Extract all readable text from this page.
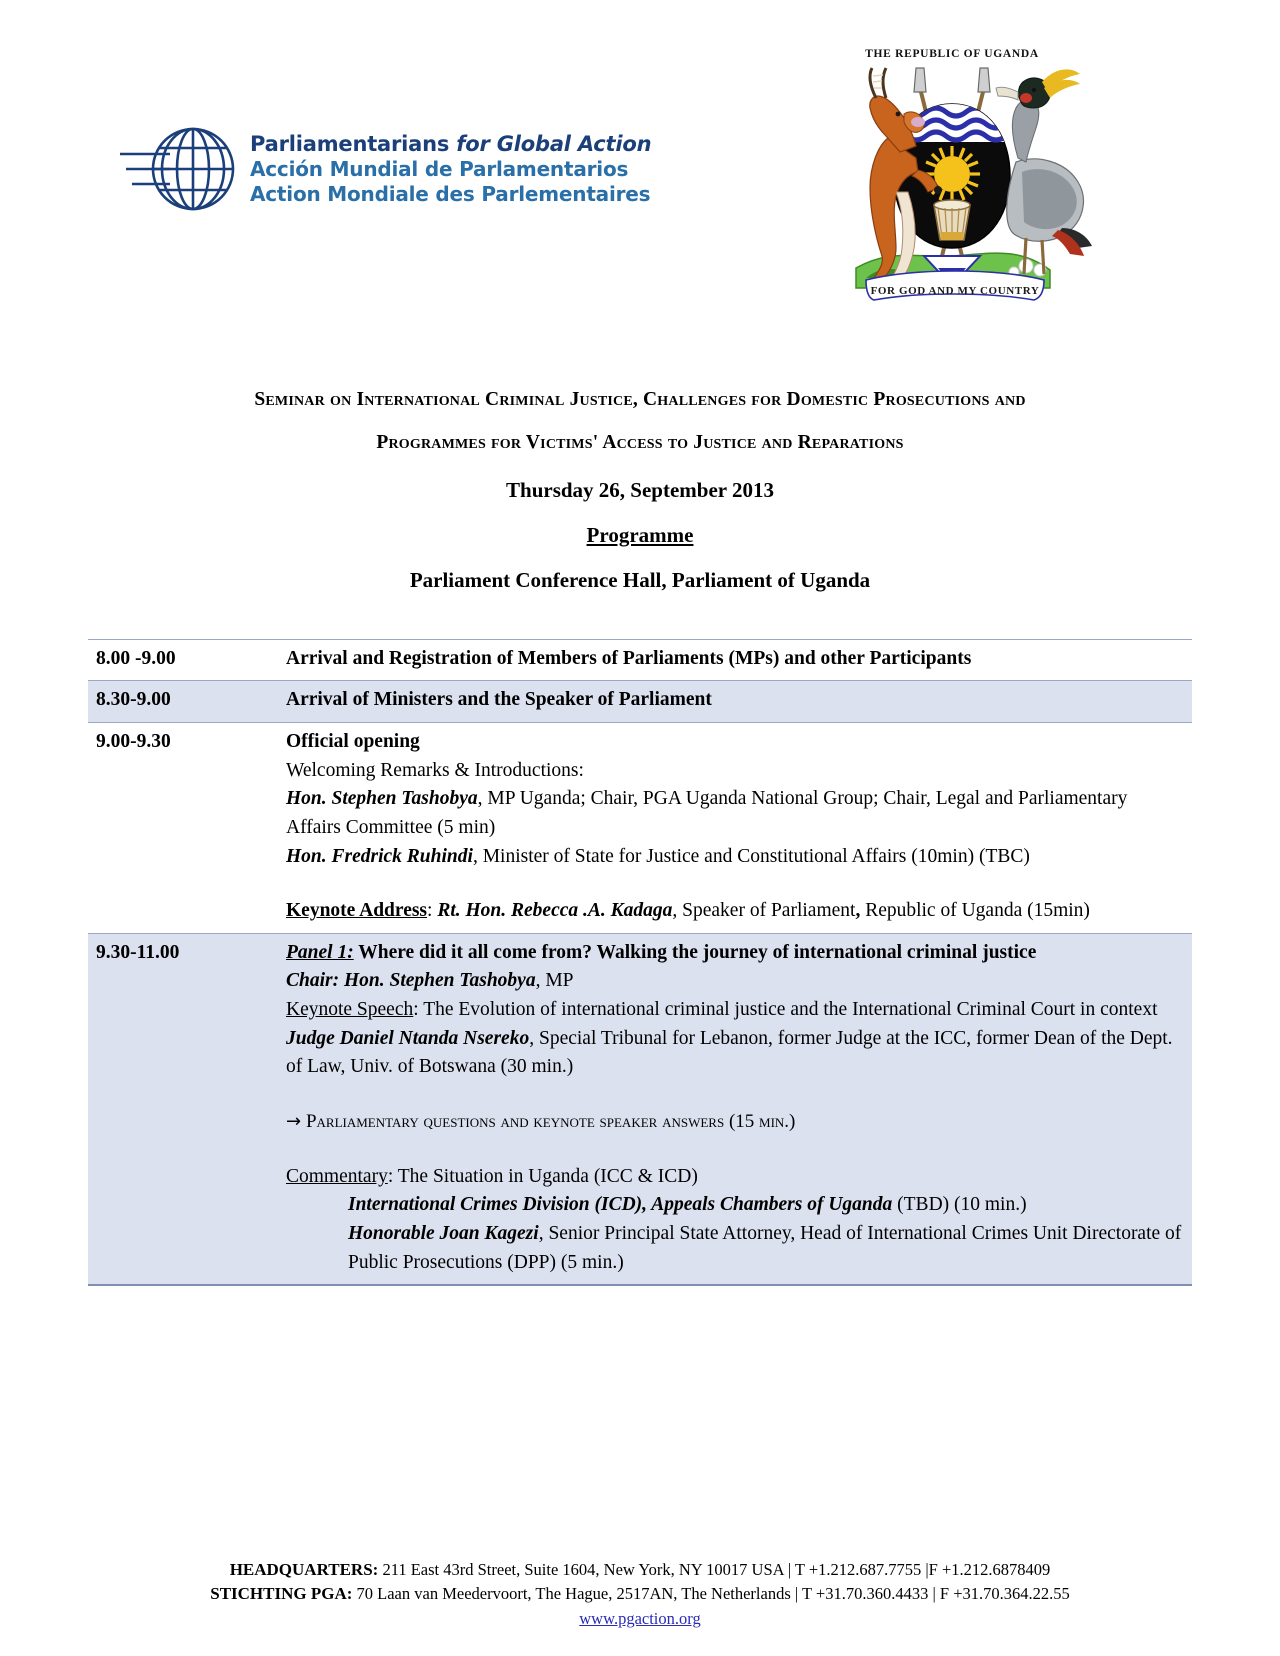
Parliamentarians for Global Action
Acción Mundial de Parlamentarios
Action Mondiale des Parlementaires
THE REPUBLIC OF UGANDA
FOR GOD AND MY COUNTRY
Seminar on International Criminal Justice, Challenges for Domestic Prosecutions and
Programmes for Victims' Access to Justice and Reparations
Thursday 26, September 2013
Programme
Parliament Conference Hall, Parliament of Uganda
8.00 -9.00	Arrival and Registration of Members of Parliaments (MPs) and other Participants
8.30-9.00	Arrival of Ministers and the Speaker of Parliament
9.00-9.30	Official opening
Welcoming Remarks & Introductions:
Hon. Stephen Tashobya, MP Uganda; Chair, PGA Uganda National Group; Chair, Legal and Parliamentary Affairs Committee (5 min)
Hon. Fredrick Ruhindi, Minister of State for Justice and Constitutional Affairs (10min) (TBC)
Keynote Address: Rt. Hon. Rebecca .A. Kadaga, Speaker of Parliament, Republic of Uganda (15min)

9.30-11.00	Panel 1: Where did it all come from? Walking the journey of international criminal justice
Chair: Hon. Stephen Tashobya, MP
Keynote Speech: The Evolution of international criminal justice and the International Criminal Court in context
Judge Daniel Ntanda Nsereko, Special Tribunal for Lebanon, former Judge at the ICC, former Dean of the Dept. of Law, Univ. of Botswana (30 min.)
→ Parliamentary questions and keynote speaker answers (15 min.)
Commentary: The Situation in Uganda (ICC & ICD)
International Crimes Division (ICD), Appeals Chambers of Uganda (TBD) (10 min.)
Honorable Joan Kagezi, Senior Principal State Attorney, Head of International Crimes Unit Directorate of Public Prosecutions (DPP) (5 min.)
HEADQUARTERS: 211 East 43rd Street, Suite 1604, New York, NY 10017 USA | T +1.212.687.7755 |F +1.212.6878409
STICHTING PGA: 70 Laan van Meedervoort, The Hague, 2517AN, The Netherlands | T +31.70.360.4433 | F +31.70.364.22.55
www.pgaction.org
